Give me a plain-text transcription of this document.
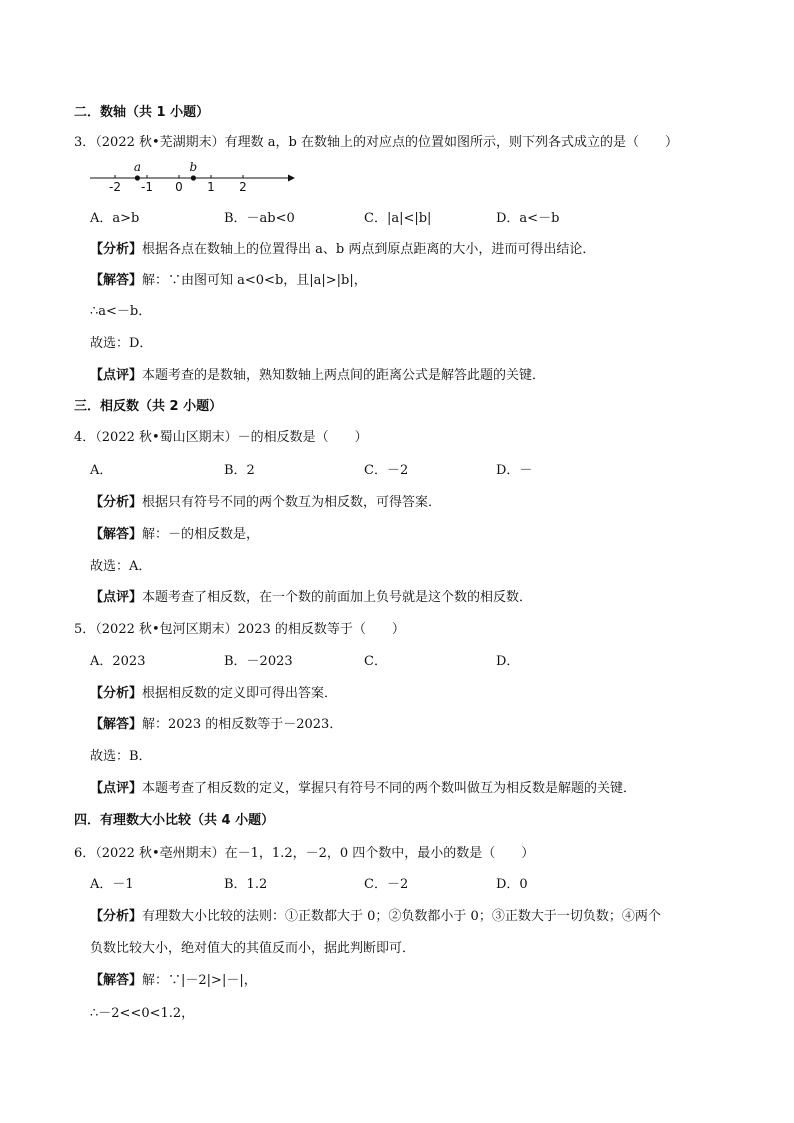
二．数轴（共 1 小题）
3．（2022 秋•芜湖期末）有理数 a，b 在数轴上的对应点的位置如图所示，则下列各式成立的是（　　）
-2 -1 0 1 2
a	b
A．a>b	B．－ab<0	C．|a|<|b|	D．a<－b
【分析】根据各点在数轴上的位置得出 a、b 两点到原点距离的大小，进而可得出结论．
【解答】解：∵由图可知 a<0<b，且|a|>|b|，
∴a<－b．
故选：D．
【点评】本题考查的是数轴，熟知数轴上两点间的距离公式是解答此题的关键．
三．相反数（共 2 小题）
4．（2022 秋•蜀山区期末）－的相反数是（　　）
A．	B．2	C．－2	D．－
【分析】根据只有符号不同的两个数互为相反数，可得答案．
【解答】解：－的相反数是，
故选：A．
【点评】本题考查了相反数，在一个数的前面加上负号就是这个数的相反数．
5．（2022 秋•包河区期末）2023 的相反数等于（　　）
A．2023	B．－2023	C．	D．
【分析】根据相反数的定义即可得出答案．
【解答】解：2023 的相反数等于－2023．
故选：B．
【点评】本题考查了相反数的定义，掌握只有符号不同的两个数叫做互为相反数是解题的关键．
四．有理数大小比较（共 4 小题）
6．（2022 秋•亳州期末）在－1，1.2，－2，0 四个数中，最小的数是（　　）
A．－1	B．1.2	C．－2	D．0
【分析】有理数大小比较的法则：①正数都大于 0；②负数都小于 0；③正数大于一切负数；④两个
负数比较大小，绝对值大的其值反而小，据此判断即可．
【解答】解：∵|－2|>|－|，
∴－2<<0<1.2，
